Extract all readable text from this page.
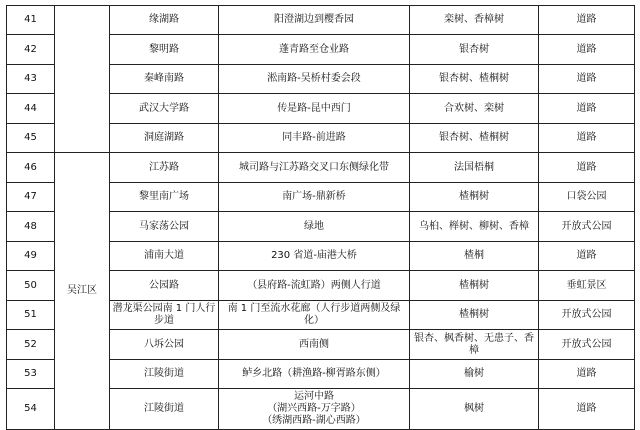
41		缘湖路	阳澄湖边到樱香园	栾树、香樟树	道路
42		黎明路	蓬青路至仓业路	银杏树	道路
43		秦峰南路	淞南路-吴桥村委会段	银杏树、楂桐树	道路
44		武汉大学路	传是路-昆中西门	合欢树、栾树	道路
45		洞庭湖路	同丰路-前进路	银杏树、楂桐树	道路
46	吴江区	江苏路	城司路与江苏路交叉口东侧绿化带	法国梧桐	道路
47		黎里南广场	南广场-鼎新桥	楂桐树	口袋公园
48		马家荡公园	绿地	乌桕、榉树、柳树、香樟	开放式公园
49		浦南大道	230 省道-庙港大桥	楂桐	道路
50		公园路	（县府路-流虹路）两侧人行道	楂桐树	垂虹景区
51		潜龙渠公园南 1 门人行
步道	南 1 门至流水花廊（人行步道两侧及绿化）	楂桐树	开放式公园
52		八坼公园	西南侧	银杏、枫香树、无患子、香樟	开放式公园
53		江陵街道	鲈乡北路（耕渔路-柳胥路东侧）	榆树	道路
54		江陵街道	运河中路
（湖兴西路-万字路）
（绣湖西路-湖心西路）	枫树	道路
